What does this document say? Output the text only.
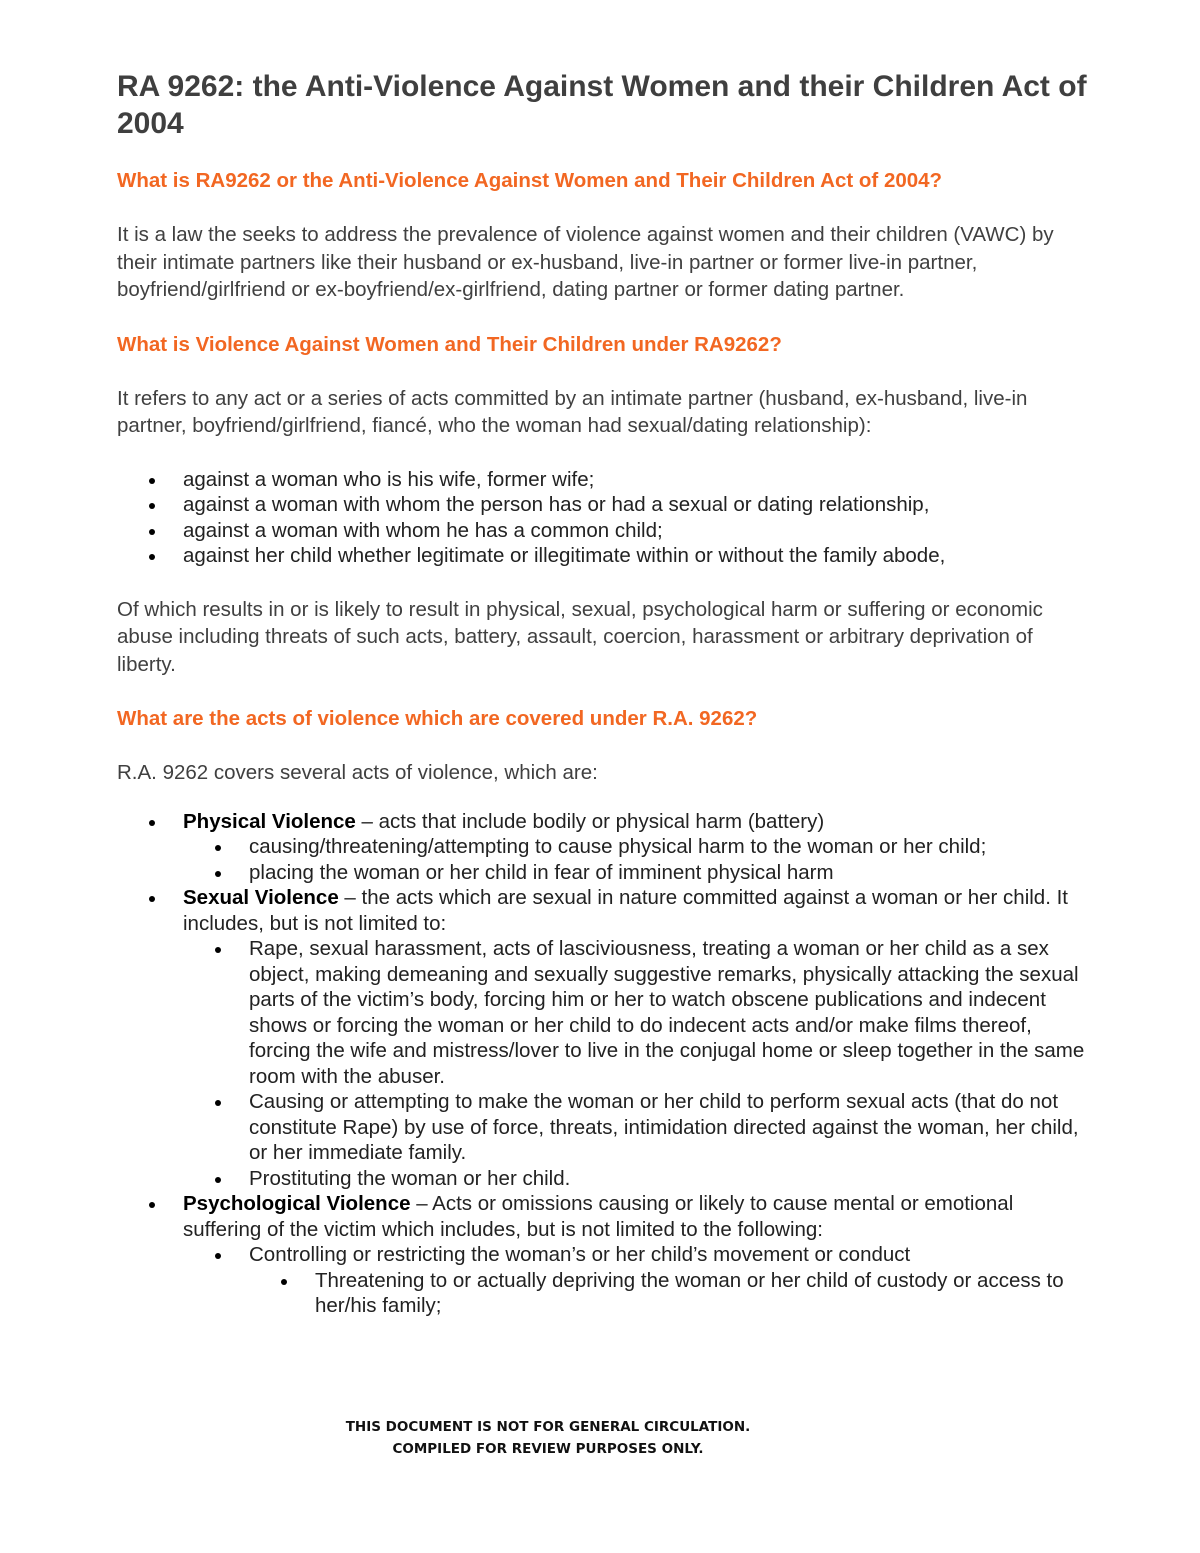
RA 9262: the Anti-Violence Against Women and their Children Act of 2004
What is RA9262 or the Anti-Violence Against Women and Their Children Act of 2004?

It is a law the seeks to address the prevalence of violence against women and their children (VAWC) by their intimate partners like their husband or ex-husband, live-in partner or former live-in partner, boyfriend/girlfriend or ex-boyfriend/ex-girlfriend, dating partner or former dating partner.

What is Violence Against Women and Their Children under RA9262?

It refers to any act or a series of acts committed by an intimate partner (husband, ex-husband, live-in partner, boyfriend/girlfriend, fiancé, who the woman had sexual/dating relationship):

against a woman who is his wife, former wife;
against a woman with whom the person has or had a sexual or dating relationship,
against a woman with whom he has a common child;
against her child whether legitimate or illegitimate within or without the family abode,

Of which results in or is likely to result in physical, sexual, psychological harm or suffering or economic abuse including threats of such acts, battery, assault, coercion, harassment or arbitrary deprivation of liberty.

What are the acts of violence which are covered under R.A. 9262?

R.A. 9262 covers several acts of violence, which are:

Physical Violence – acts that include bodily or physical harm (battery)
causing/threatening/attempting to cause physical harm to the woman or her child;
placing the woman or her child in fear of imminent physical harm
Sexual Violence – the acts which are sexual in nature committed against a woman or her child. It includes, but is not limited to:
Rape, sexual harassment, acts of lasciviousness, treating a woman or her child as a sex object, making demeaning and sexually suggestive remarks, physically attacking the sexual parts of the victim’s body, forcing him or her to watch obscene publications and indecent shows or forcing the woman or her child to do indecent acts and/or make films thereof, forcing the wife and mistress/lover to live in the conjugal home or sleep together in the same room with the abuser.
Causing or attempting to make the woman or her child to perform sexual acts (that do not constitute Rape) by use of force, threats, intimidation directed against the woman, her child, or her immediate family.
Prostituting the woman or her child.
Psychological Violence – Acts or omissions causing or likely to cause mental or emotional suffering of the victim which includes, but is not limited to the following:
Controlling or restricting the woman’s or her child’s movement or conduct
Threatening to or actually depriving the woman or her child of custody or access to her/his family;
THIS DOCUMENT IS NOT FOR GENERAL CIRCULATION.
COMPILED FOR REVIEW PURPOSES ONLY.
